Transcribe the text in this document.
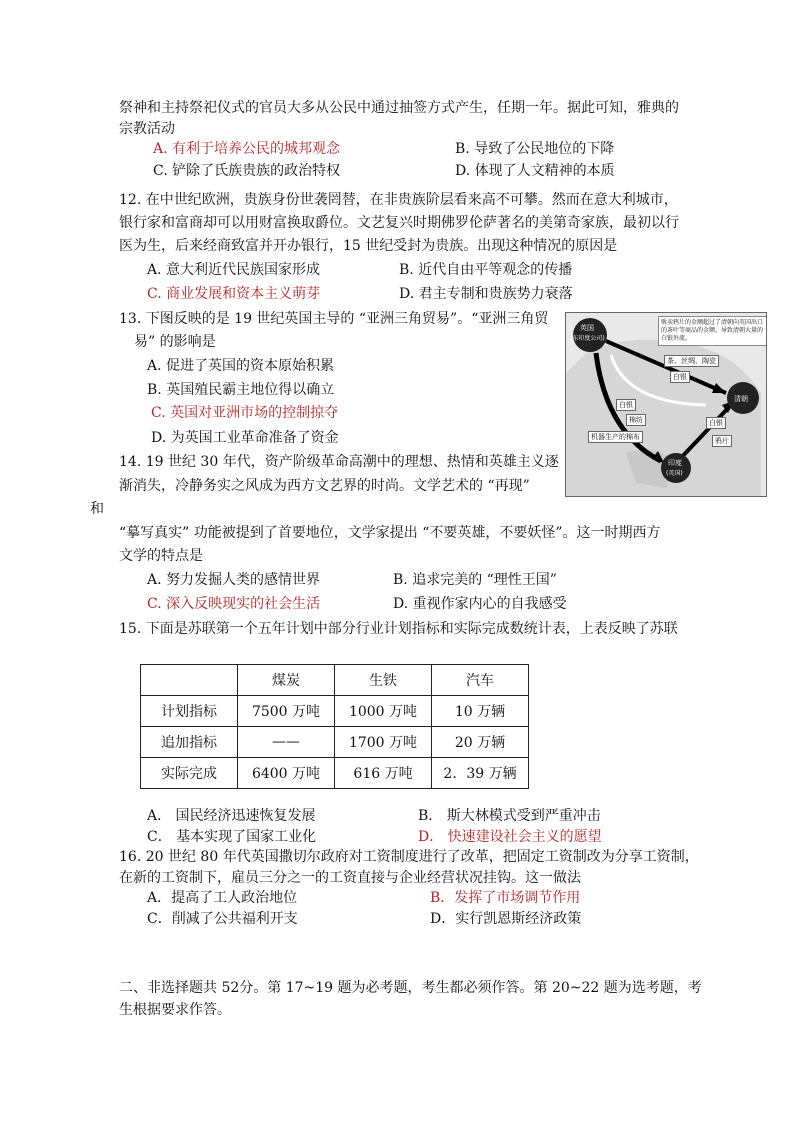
祭神和主持祭祀仪式的官员大多从公民中通过抽签方式产生，任期一年。据此可知，雅典的
宗教活动
A. 有利于培养公民的城邦观念	B. 导致了公民地位的下降
C. 铲除了氏族贵族的政治特权	D. 体现了人文精神的本质
12. 在中世纪欧洲，贵族身份世袭罔替，在非贵族阶层看来高不可攀。然而在意大利城市，
银行家和富商却可以用财富换取爵位。文艺复兴时期佛罗伦萨著名的美第奇家族，最初以行
医为生，后来经商致富并开办银行，15 世纪受封为贵族。出现这种情况的原因是
A. 意大利近代民族国家形成	B. 近代自由平等观念的传播
C. 商业发展和资本主义萌芽	D. 君主专制和贵族势力衰落
13. 下图反映的是 19 世纪英国主导的 “亚洲三角贸易”。“亚洲三角贸
易” 的影响是
A. 促进了英国的资本原始积累
B. 英国殖民霸主地位得以确立
C. 英国对亚洲市场的控制掠夺
D. 为英国工业革命准备了资金
贩卖鸦片的金额超过了清朝向英国出口的茶叶等商品的金额，导致清朝大量的白银外流。
英国
(东印度公司)
清朝
印度
(英国)
茶、丝绸、陶瓷
白银
白银
白银
棉纺
机器生产的棉布	鸦片
14. 19 世纪 30 年代，资产阶级革命高潮中的理想、热情和英雄主义逐
渐消失，冷静务实之风成为西方文艺界的时尚。文学艺术的 “再现”
和
“摹写真实” 功能被提到了首要地位，文学家提出 “不要英雄，不要妖怪”。这一时期西方
文学的特点是
A. 努力发掘人类的感情世界	B. 追求完美的 “理性王国”
C. 深入反映现实的社会生活	D. 重视作家内心的自我感受
15. 下面是苏联第一个五年计划中部分行业计划指标和实际完成数统计表，上表反映了苏联
	煤炭	生铁	汽车
计划指标	7500 万吨	1000 万吨	10 万辆
追加指标	——	1700 万吨	20 万辆
实际完成	6400 万吨	616 万吨	2．39 万辆
A． 国民经济迅速恢复发展	B． 斯大林模式受到严重冲击
C． 基本实现了国家工业化	D． 快速建设社会主义的愿望
16. 20 世纪 80 年代英国撒切尔政府对工资制度进行了改革，把固定工资制改为分享工资制，
在新的工资制下，雇员三分之一的工资直接与企业经营状况挂钩。这一做法
A．提高了工人政治地位	B．发挥了市场调节作用
C．削减了公共福利开支	D．实行凯恩斯经济政策
二、非选择题共 52分。第 17~19 题为必考题，考生都必须作答。第 20~22 题为选考题，考
生根据要求作答。
